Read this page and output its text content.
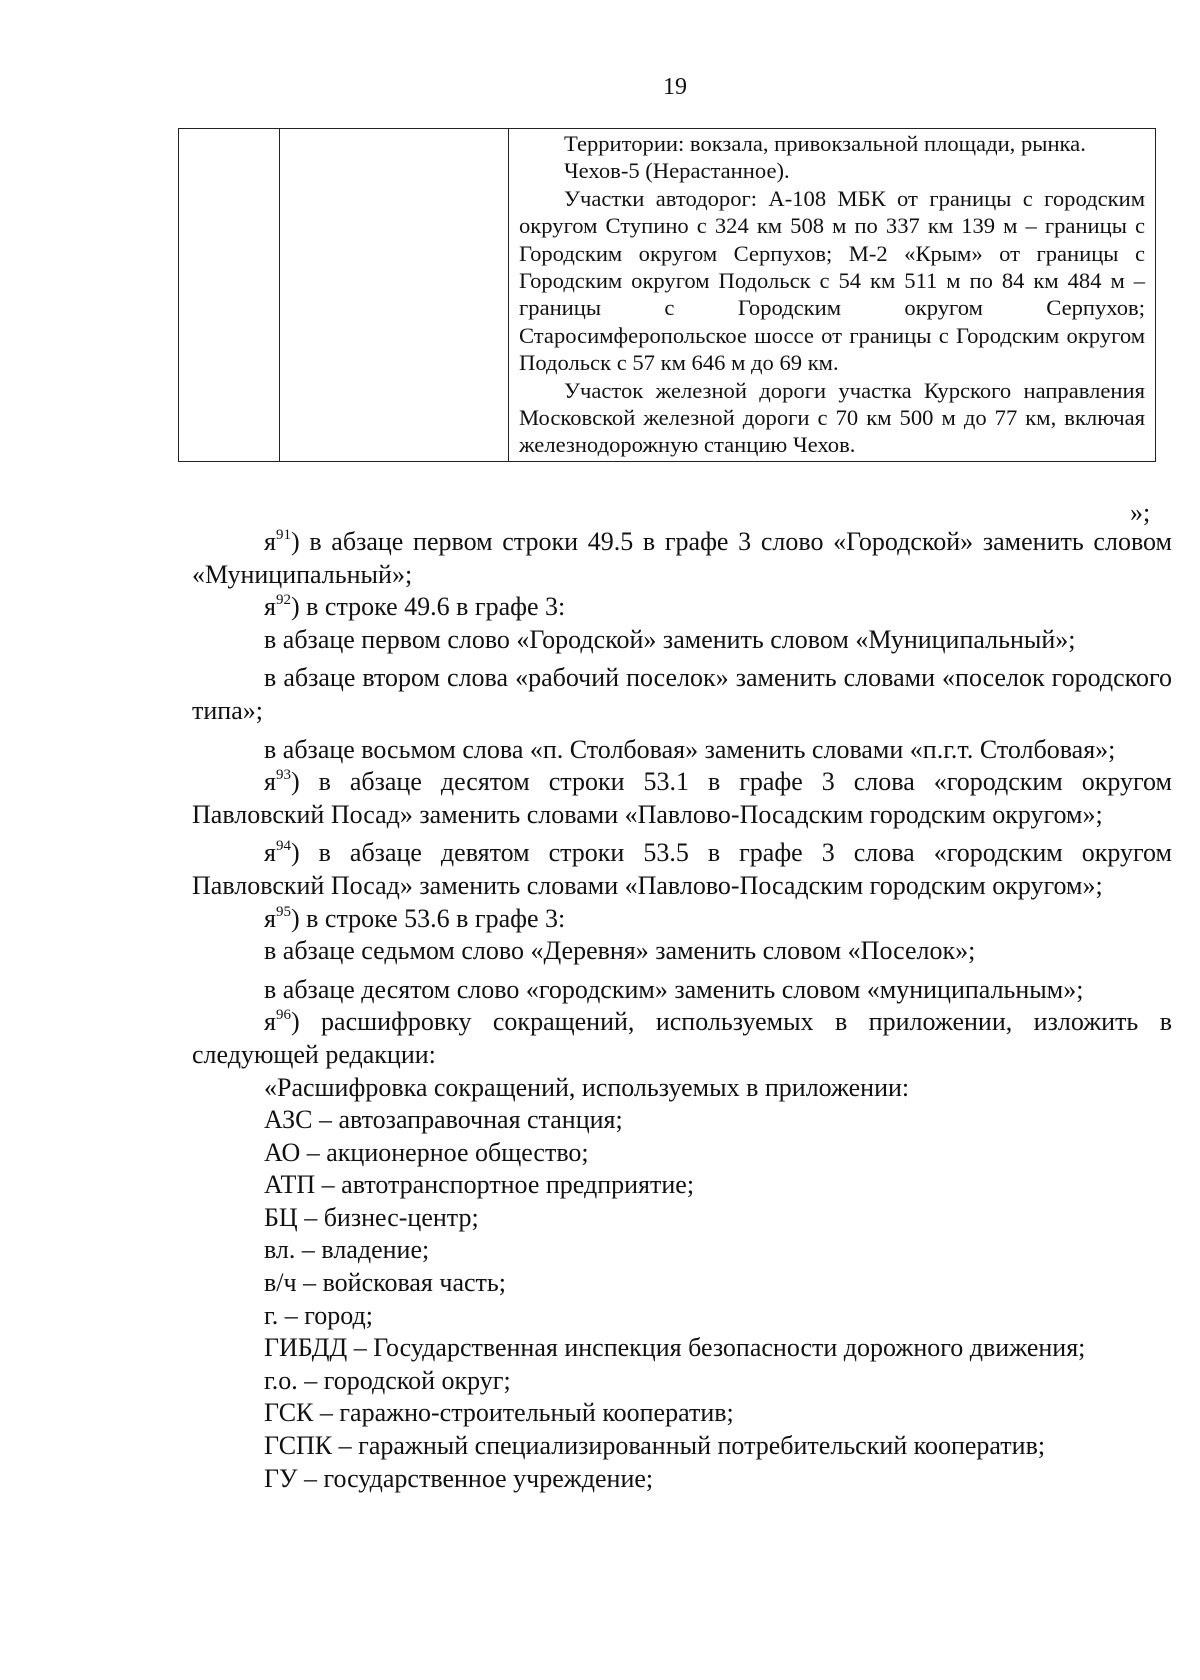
19

Территории: вокзала, привокзальной площади, рынка.

Чехов-5 (Нерастанное).

Участки автодорог: А-108 МБК от границы с городским округом Ступино с 324 км 508 м по 337 км 139 м – границы с Городским округом Серпухов; М-2 «Крым» от границы с Городским округом Подольск с 54 км 511 м по 84 км 484 м – границы с Городским округом Серпухов; Старосимферопольское шоссе от границы с Городским округом Подольск с 57 км 646 м до 69 км.

Участок железной дороги участка Курского направления Московской железной дороги с 70 км 500 м до 77 км, включая железнодорожную станцию Чехов.

»;

$я^{91}$) в абзаце первом строки 49.5 в графе 3 слово «Городской» заменить словом «Муниципальный»;

$я^{92}$) в строке 49.6 в графе 3:

в абзаце первом слово «Городской» заменить словом «Муниципальный»;

в абзаце втором слова «рабочий поселок» заменить словами «поселок городского типа»;

в абзаце восьмом слова «п. Столбовая» заменить словами «п.г.т. Столбовая»;

$я^{93}$) в абзаце десятом строки 53.1 в графе 3 слова «городским округом Павловский Посад» заменить словами «Павлово-Посадским городским округом»;

$я^{94}$) в абзаце девятом строки 53.5 в графе 3 слова «городским округом Павловский Посад» заменить словами «Павлово-Посадским городским округом»;

$я^{95}$) в строке 53.6 в графе 3:

в абзаце седьмом слово «Деревня» заменить словом «Поселок»;

в абзаце десятом слово «городским» заменить словом «муниципальным»;

$я^{96}$) расшифровку сокращений, используемых в приложении, изложить в следующей редакции:

«Расшифровка сокращений, используемых в приложении:

АЗС – автозаправочная станция;

АО – акционерное общество;

АТП – автотранспортное предприятие;

БЦ – бизнес-центр;

вл. – владение;

в/ч – войсковая часть;

г. – город;

ГИБДД – Государственная инспекция безопасности дорожного движения;

г.о. – городской округ;

ГСК – гаражно-строительный кооператив;

ГСПК – гаражный специализированный потребительский кооператив;

ГУ – государственное учреждение;
